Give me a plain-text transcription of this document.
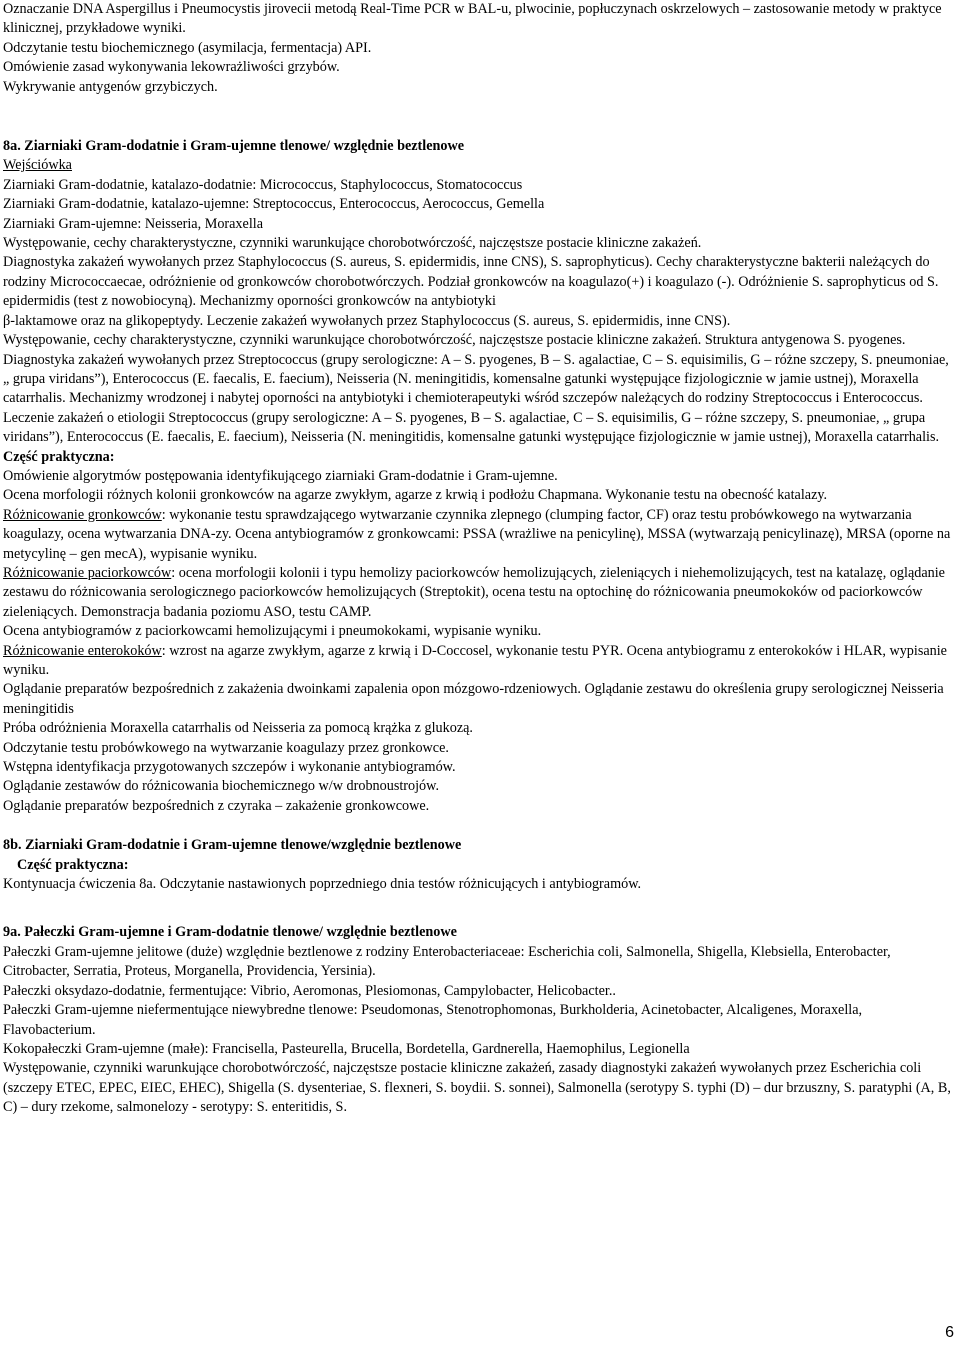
Oznaczanie DNA Aspergillus i Pneumocystis jirovecii metodą Real-Time PCR w BAL-u, plwocinie, popłuczynach oskrzelowych – zastosowanie metody w praktyce klinicznej, przykładowe wyniki.

Odczytanie testu biochemicznego (asymilacja, fermentacja) API.

Omówienie zasad wykonywania lekowrażliwości grzybów.

Wykrywanie antygenów grzybiczych.

8a. Ziarniaki Gram-dodatnie i Gram-ujemne tlenowe/ względnie beztlenowe

Wejściówka

Ziarniaki Gram-dodatnie, katalazo-dodatnie: Micrococcus, Staphylococcus, Stomatococcus

Ziarniaki Gram-dodatnie, katalazo-ujemne: Streptococcus, Enterococcus, Aerococcus, Gemella

Ziarniaki Gram-ujemne: Neisseria, Moraxella

Występowanie, cechy charakterystyczne, czynniki warunkujące chorobotwórczość, najczęstsze postacie kliniczne zakażeń.

Diagnostyka zakażeń wywołanych przez Staphylococcus (S. aureus, S. epidermidis, inne CNS), S. saprophyticus). Cechy charakterystyczne bakterii należących do rodziny Micrococcaecae, odróżnienie od gronkowców chorobotwórczych. Podział gronkowców na koagulazo(+) i koagulazo (-). Odróżnienie S. saprophyticus od S. epidermidis (test z nowobiocyną). Mechanizmy oporności gronkowców na antybiotyki

β-laktamowe oraz na glikopeptydy. Leczenie zakażeń wywołanych przez Staphylococcus (S. aureus, S. epidermidis, inne CNS).

Występowanie, cechy charakterystyczne, czynniki warunkujące chorobotwórczość, najczęstsze postacie kliniczne zakażeń. Struktura antygenowa S. pyogenes. Diagnostyka zakażeń wywołanych przez Streptococcus (grupy serologiczne: A – S. pyogenes, B – S. agalactiae, C – S. equisimilis, G – różne szczepy, S. pneumoniae, „ grupa viridans”), Enterococcus (E. faecalis, E. faecium), Neisseria (N. meningitidis, komensalne gatunki występujące fizjologicznie w jamie ustnej), Moraxella catarrhalis. Mechanizmy wrodzonej i nabytej oporności na antybiotyki i chemioterapeutyki wśród szczepów należących do rodziny Streptococcus i Enterococcus. Leczenie zakażeń o etiologii Streptococcus (grupy serologiczne: A – S. pyogenes, B – S. agalactiae, C – S. equisimilis, G – różne szczepy, S. pneumoniae, „ grupa viridans”), Enterococcus (E. faecalis, E. faecium), Neisseria (N. meningitidis, komensalne gatunki występujące fizjologicznie w jamie ustnej), Moraxella catarrhalis.

Część praktyczna:

Omówienie algorytmów postępowania identyfikującego ziarniaki Gram-dodatnie i Gram-ujemne.

Ocena morfologii różnych kolonii gronkowców na agarze zwykłym, agarze z krwią i podłożu Chapmana. Wykonanie testu na obecność katalazy.

Różnicowanie gronkowców: wykonanie testu sprawdzającego wytwarzanie czynnika zlepnego (clumping factor, CF) oraz testu probówkowego na wytwarzania koagulazy, ocena wytwarzania DNA-zy. Ocena antybiogramów z gronkowcami: PSSA (wrażliwe na penicylinę), MSSA (wytwarzają penicylinazę), MRSA (oporne na metycylinę – gen mecA), wypisanie wyniku.

Różnicowanie paciorkowców: ocena morfologii kolonii i typu hemolizy paciorkowców hemolizujących, zieleniących i niehemolizujących, test na katalazę, oglądanie zestawu do różnicowania serologicznego paciorkowców hemolizujących (Streptokit), ocena testu na optochinę do różnicowania pneumokoków od paciorkowców zieleniących. Demonstracja badania poziomu ASO, testu CAMP.

Ocena antybiogramów z paciorkowcami hemolizującymi i pneumokokami, wypisanie wyniku.

Różnicowanie enterokoków: wzrost na agarze zwykłym, agarze z krwią i D-Coccosel, wykonanie testu PYR. Ocena antybiogramu z enterokoków i HLAR, wypisanie wyniku.

Oglądanie preparatów bezpośrednich z zakażenia dwoinkami zapalenia opon mózgowo-rdzeniowych. Oglądanie zestawu do określenia grupy serologicznej Neisseria meningitidis

Próba odróżnienia Moraxella catarrhalis od Neisseria za pomocą krążka z glukozą.

Odczytanie testu probówkowego na wytwarzanie koagulazy przez gronkowce.

Wstępna identyfikacja przygotowanych szczepów i wykonanie antybiogramów.

Oglądanie zestawów do różnicowania biochemicznego w/w drobnoustrojów.

Oglądanie preparatów bezpośrednich z czyraka – zakażenie gronkowcowe.

8b. Ziarniaki Gram-dodatnie i Gram-ujemne tlenowe/względnie beztlenowe

Część praktyczna:

Kontynuacja ćwiczenia 8a. Odczytanie nastawionych poprzedniego dnia testów różnicujących i antybiogramów.

9a. Pałeczki Gram-ujemne i Gram-dodatnie tlenowe/ względnie beztlenowe

Pałeczki Gram-ujemne jelitowe (duże) względnie beztlenowe z rodziny Enterobacteriaceae: Escherichia coli, Salmonella, Shigella, Klebsiella, Enterobacter, Citrobacter, Serratia, Proteus, Morganella, Providencia, Yersinia).

Pałeczki oksydazo-dodatnie, fermentujące: Vibrio, Aeromonas, Plesiomonas, Campylobacter, Helicobacter..

Pałeczki Gram-ujemne niefermentujące niewybredne tlenowe: Pseudomonas, Stenotrophomonas, Burkholderia, Acinetobacter, Alcaligenes, Moraxella, Flavobacterium.

Kokopałeczki Gram-ujemne (małe): Francisella, Pasteurella, Brucella, Bordetella, Gardnerella, Haemophilus, Legionella

Występowanie, czynniki warunkujące chorobotwórczość, najczęstsze postacie kliniczne zakażeń, zasady diagnostyki zakażeń wywołanych przez Escherichia coli (szczepy ETEC, EPEC, EIEC, EHEC), Shigella (S. dysenteriae, S. flexneri, S. boydii. S. sonnei), Salmonella (serotypy S. typhi (D) – dur brzuszny, S. paratyphi (A, B, C) – dury rzekome, salmonelozy - serotypy: S. enteritidis, S.

6
